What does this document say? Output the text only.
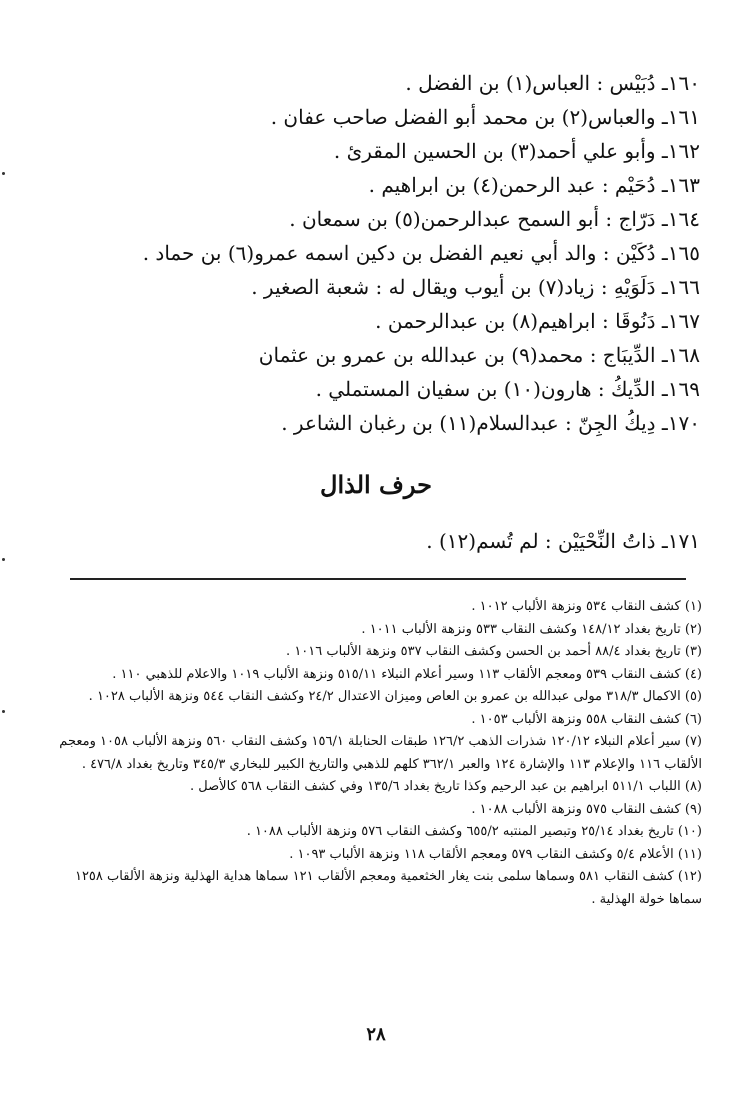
١٦٠ـ دُبَيْس : العباس(١) بن الفضل .
١٦١ـ والعباس(٢) بن محمد أبو الفضل صاحب عفان .
١٦٢ـ وأبو علي أحمد(٣) بن الحسين المقرئ .
١٦٣ـ دُحَيْم : عبد الرحمن(٤) بن ابراهيم .
١٦٤ـ دَرّاج : أبو السمح عبدالرحمن(٥) بن سمعان .
١٦٥ـ دُكَيْن : والد أبي نعيم الفضل بن دكين اسمه عمرو(٦) بن حماد .
١٦٦ـ دَلَوَيْهِ : زياد(٧) بن أيوب ويقال له : شعبة الصغير .
١٦٧ـ دَنُوقَا : ابراهيم(٨) بن عبدالرحمن .
١٦٨ـ الدِّيبَاج : محمد(٩) بن عبدالله بن عمرو بن عثمان
١٦٩ـ الدِّيكُ : هارون(١٠) بن سفيان المستملي .
١٧٠ـ دِيكُ الجِنّ : عبدالسلام(١١) بن رغبان الشاعر .
حرف الذال
١٧١ـ ذاتُ النِّحْيَيْن : لم تُسم(١٢) .
(١) كشف النقاب ٥٣٤ ونزهة الألباب ١٠١٢ .
(٢) تاريخ بغداد ١٤٨/١٢ وكشف النقاب ٥٣٣ ونزهة الألباب ١٠١١ .
(٣) تاريخ بغداد ٨٨/٤ أحمد بن الحسن وكشف النقاب ٥٣٧ ونزهة الألباب ١٠١٦ .
(٤) كشف النقاب ٥٣٩ ومعجم الألقاب ١١٣ وسير أعلام النبلاء ٥١٥/١١ ونزهة الألباب ١٠١٩ والاعلام للذهبي ١١٠ .
(٥) الاكمال ٣١٨/٣ مولى عبدالله بن عمرو بن العاص وميزان الاعتدال ٢٤/٢ وكشف النقاب ٥٤٤ ونزهة الألباب ١٠٢٨ .
(٦) كشف النقاب ٥٥٨ ونزهة الألباب ١٠٥٣ .
(٧) سير أعلام النبلاء ١٢٠/١٢ شذرات الذهب ١٢٦/٢ طبقات الحنابلة ١٥٦/١ وكشف النقاب ٥٦٠ ونزهة الألباب ١٠٥٨ ومعجم الألقاب ١١٦ والإعلام ١١٣ والإشارة ١٢٤ والعبر ٣٦٢/١ كلهم للذهبي والتاريخ الكبير للبخاري ٣٤٥/٣ وتاريخ بغداد ٤٧٦/٨ .
(٨) اللباب ٥١١/١ ابراهيم بن عبد الرحيم وكذا تاريخ بغداد ١٣٥/٦ وفي كشف النقاب ٥٦٨ كالأصل .
(٩) كشف النقاب ٥٧٥ ونزهة الألباب ١٠٨٨ .
(١٠) تاريخ بغداد ٢٥/١٤ وتبصير المنتبه ٦٥٥/٢ وكشف النقاب ٥٧٦ ونزهة الألباب ١٠٨٨ .
(١١) الأعلام ٥/٤ وكشف النقاب ٥٧٩ ومعجم الألقاب ١١٨ ونزهة الألباب ١٠٩٣ .
(١٢) كشف النقاب ٥٨١ وسماها سلمى بنت يغار الخثعمية ومعجم الألقاب ١٢١ سماها هداية الهذلية ونزهة الألقاب ١٢٥٨ سماها خولة الهذلية .
٢٨
